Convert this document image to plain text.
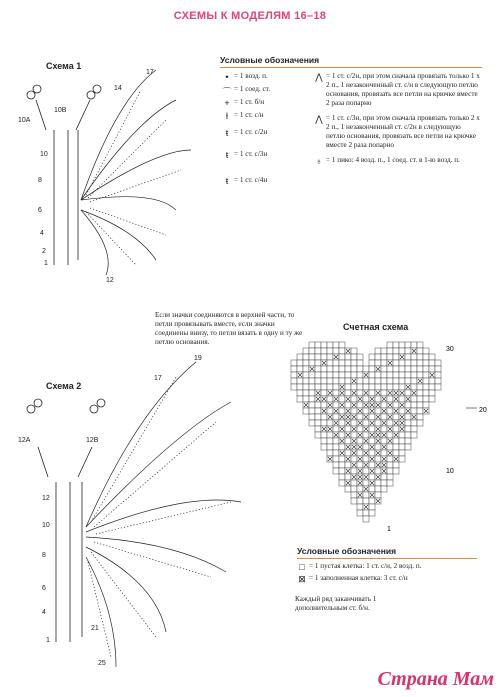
СХЕМЫ К МОДЕЛЯМ 16–18
Схема 1
1
2
4
6
8
10
10A
10B
14
17
12
Если значки соединяются в верхней части, то петли провязывать вместе, если значки соединены внизу, то петли вязать в одну и ту же петлю основания.
Схема 2
1
4
6
8
10
12
12A	12B
17
19
21
25
Условные обозначения
• = 1 возд. п.
⌒ = 1 соед. ст.
+ = 1 ст. б/н
ƚ = 1 ст. с/н
ŧ = 1 ст. с/2н
ŧ = 1 ст. с/3н
ŧ = 1 ст. с/4н
⋀ = 1 ст. с/2н, при этом сначала провязать только 1 х 2 п., 1 незаконченный ст. с/н в следующую петлю основания, провязать все петли на крючке вместе 2 раза попарно
⋀ = 1 ст. с/3н, при этом сначала провязать только 2 х 2 п., 1 незаконченный ст. с/2н в следующую петлю основания, провязать все петли на крючке вместе 2 раза попарно
♁ = 1 пико: 4 возд. п., 1 соед. ст. в 1-ю возд. п.
Счетная схема
30
20
10
1
Условные обозначения
□ = 1 пустая клетка: 1 ст. с/н, 2 возд. п.
⊠ = 1 заполненная клетка: 3 ст. с/н
Каждый ряд заканчивать 1 дополнительным ст. б/н.
Страна Мам
